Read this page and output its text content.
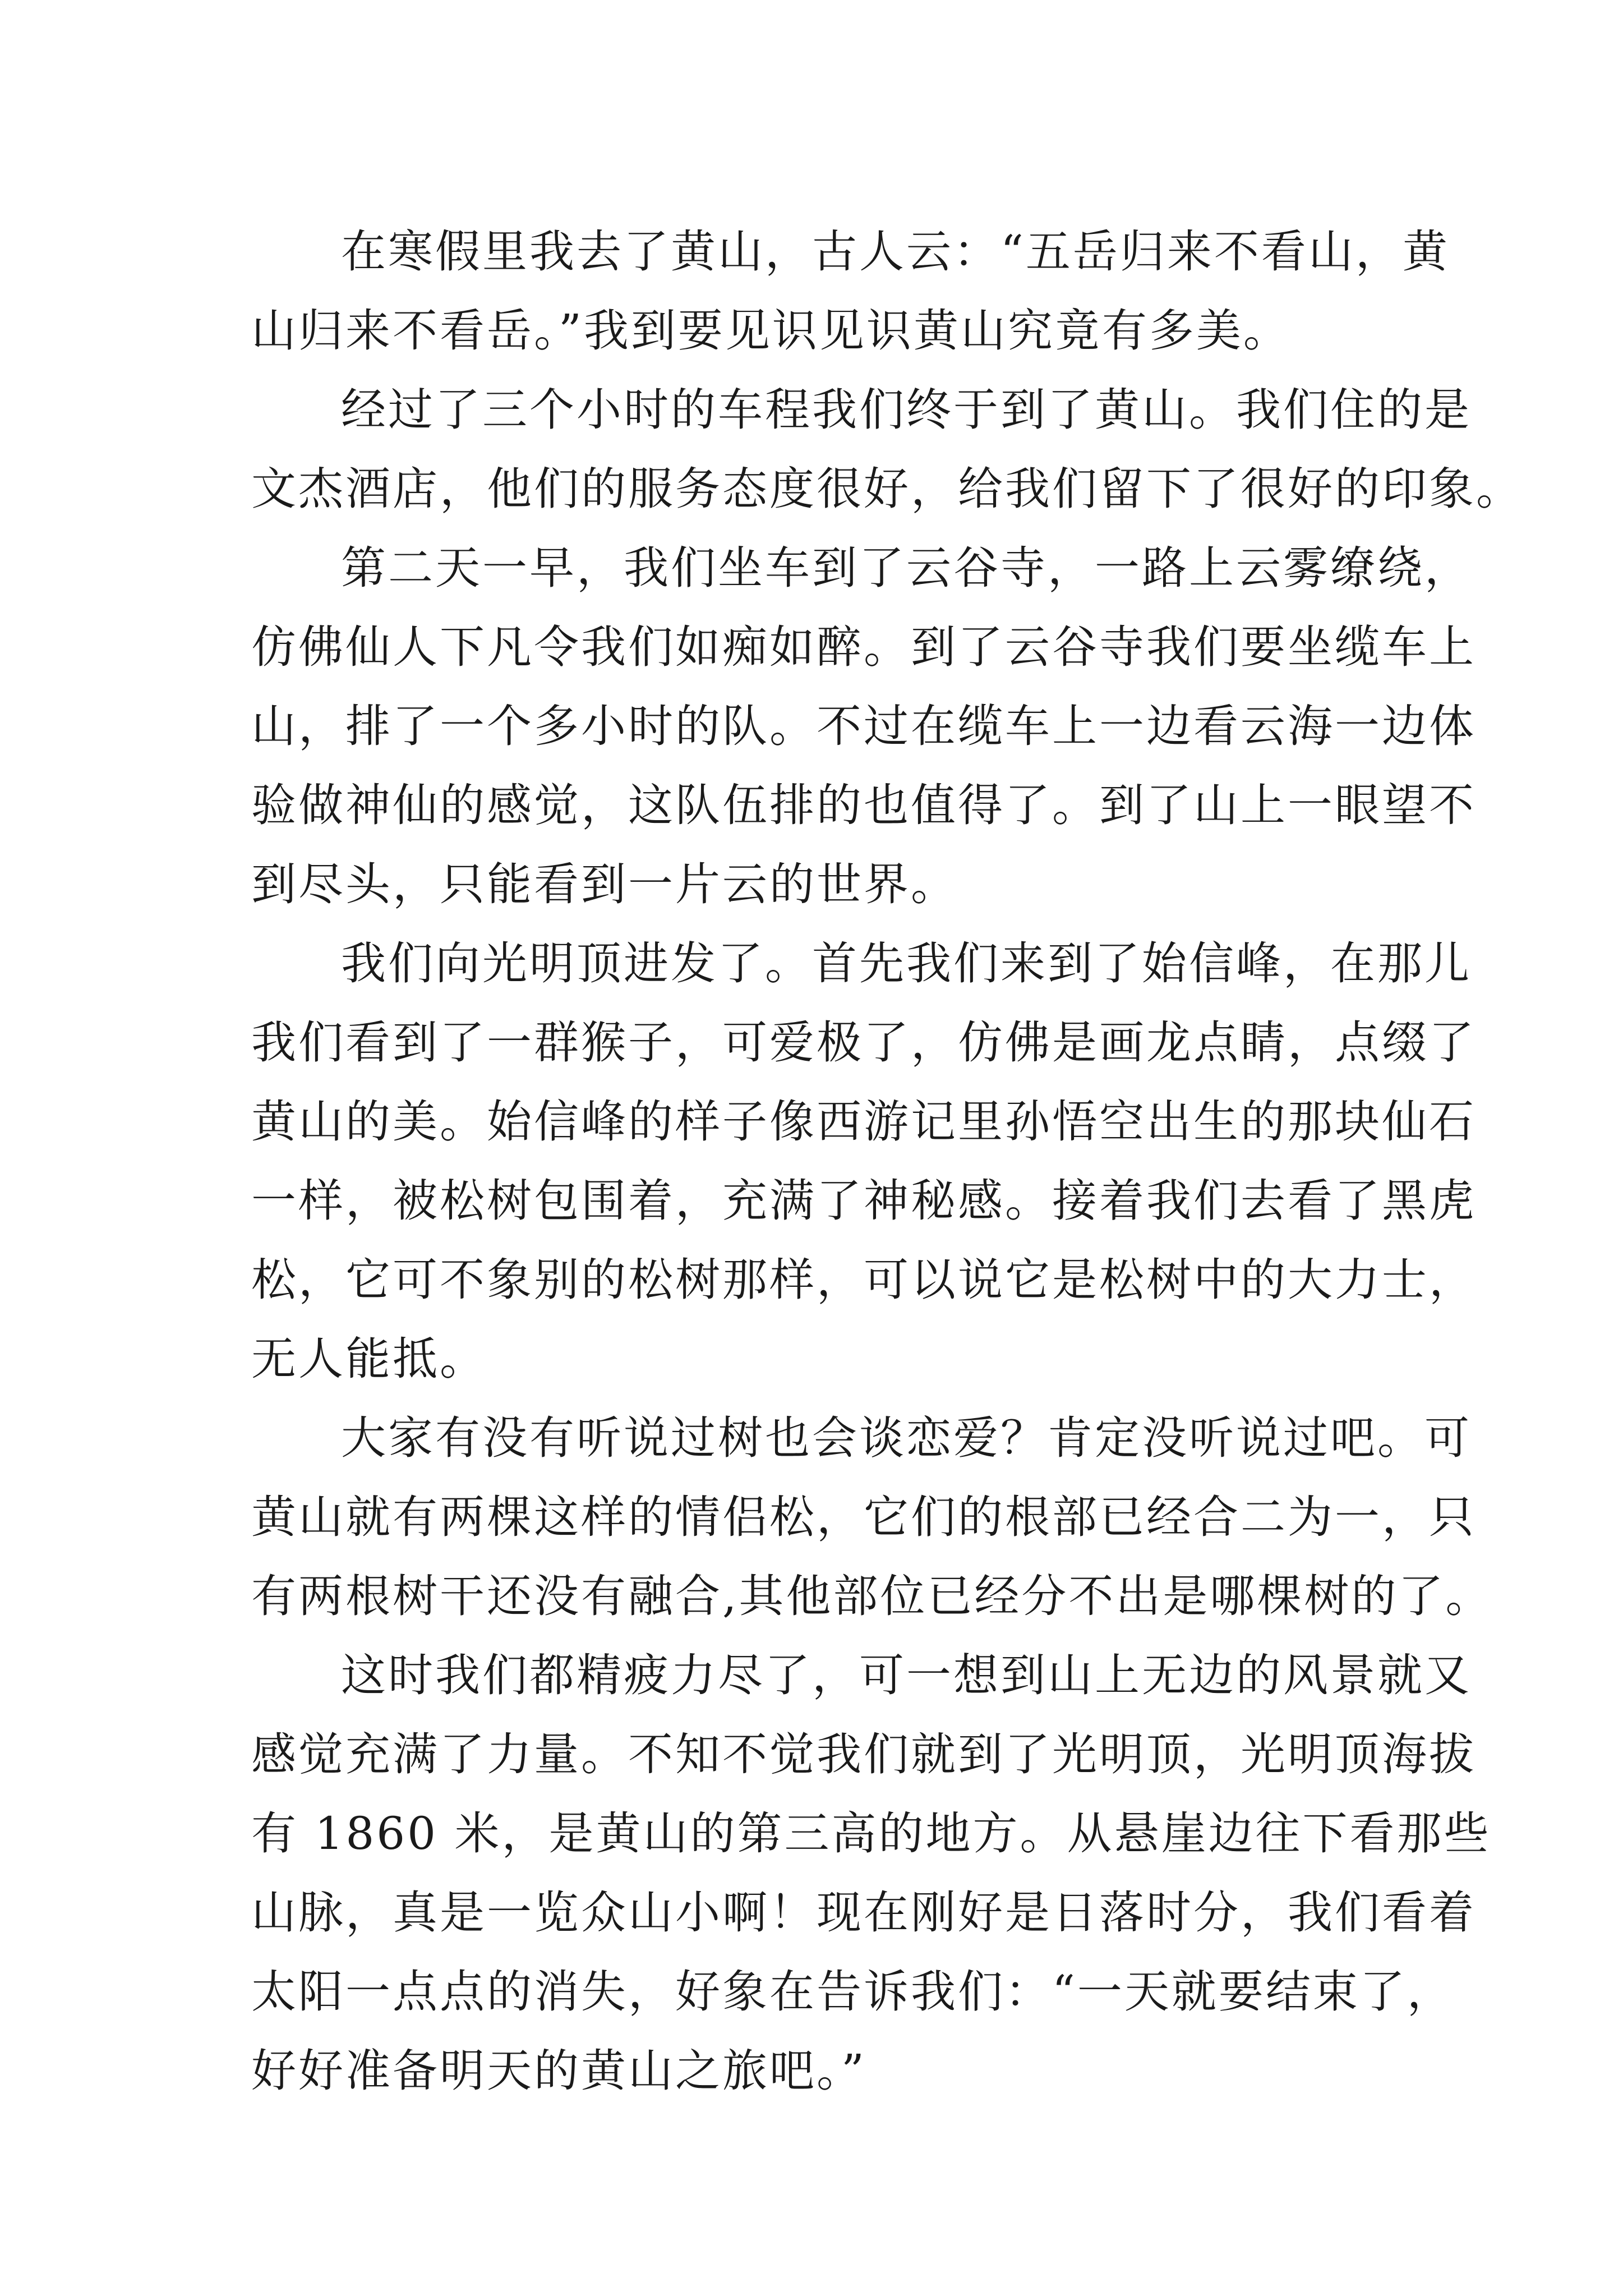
在寒假里我去了黄山，古人云：“五岳归来不看山，黄
山归来不看岳。”我到要见识见识黄山究竟有多美。
经过了三个小时的车程我们终于到了黄山。我们住的是
文杰酒店，他们的服务态度很好，给我们留下了很好的印象。
第二天一早，我们坐车到了云谷寺，一路上云雾缭绕，
仿佛仙人下凡令我们如痴如醉。到了云谷寺我们要坐缆车上
山，排了一个多小时的队。不过在缆车上一边看云海一边体
验做神仙的感觉，这队伍排的也值得了。到了山上一眼望不
到尽头，只能看到一片云的世界。
我们向光明顶进发了。首先我们来到了始信峰，在那儿
我们看到了一群猴子，可爱极了，仿佛是画龙点睛，点缀了
黄山的美。始信峰的样子像西游记里孙悟空出生的那块仙石
一样，被松树包围着，充满了神秘感。接着我们去看了黑虎
松，它可不象别的松树那样，可以说它是松树中的大力士，
无人能抵。
大家有没有听说过树也会谈恋爱？肯定没听说过吧。可
黄山就有两棵这样的情侣松，它们的根部已经合二为一，只
有两根树干还没有融合,其他部位已经分不出是哪棵树的了。
这时我们都精疲力尽了，可一想到山上无边的风景就又
感觉充满了力量。不知不觉我们就到了光明顶，光明顶海拔
有 1860 米，是黄山的第三高的地方。从悬崖边往下看那些
山脉，真是一览众山小啊！现在刚好是日落时分，我们看着
太阳一点点的消失，好象在告诉我们：“一天就要结束了，
好好准备明天的黄山之旅吧。”
